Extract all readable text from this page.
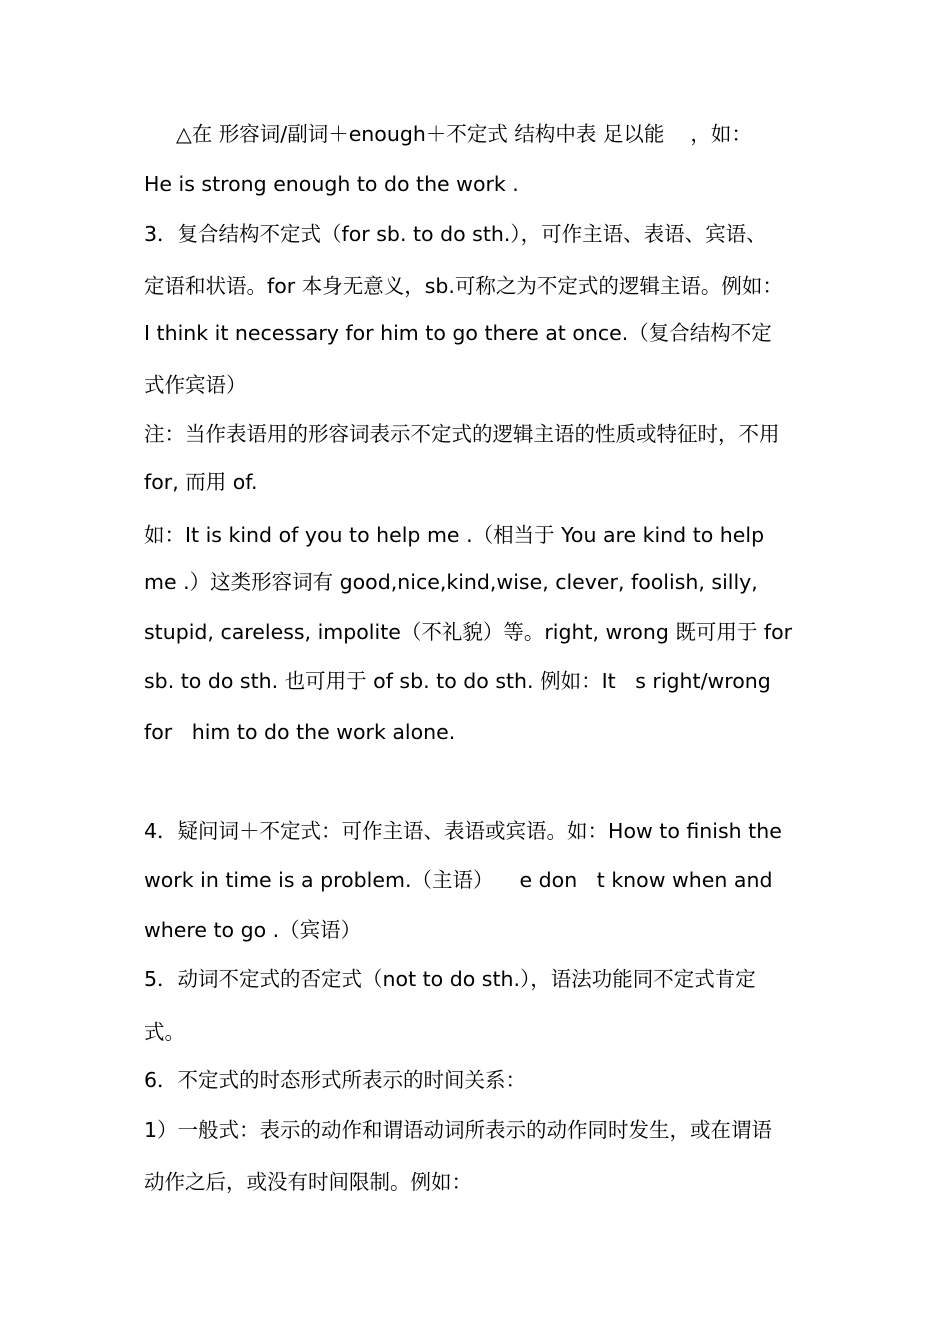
△在 形容词/副词＋enough＋不定式 结构中表 足以能    ，如：
He is strong enough to do the work .
3．复合结构不定式（for sb. to do sth.），可作主语、表语、宾语、
定语和状语。for 本身无意义，sb.可称之为不定式的逻辑主语。例如：
I think it necessary for him to go there at once.（复合结构不定
式作宾语）
注：当作表语用的形容词表示不定式的逻辑主语的性质或特征时，不用
for, 而用 of.
如：It is kind of you to help me .（相当于 You are kind to help
me .）这类形容词有 good,nice,kind,wise, clever, foolish, silly,
stupid, careless, impolite（不礼貌）等。right, wrong 既可用于 for
sb. to do sth. 也可用于 of sb. to do sth. 例如：It   s right/wrong
for   him to do the work alone.
4．疑问词＋不定式：可作主语、表语或宾语。如：How to finish the
work in time is a problem.（主语）    e don   t know when and
where to go .（宾语）
5．动词不定式的否定式（not to do sth.），语法功能同不定式肯定
式。
6．不定式的时态形式所表示的时间关系：
1）一般式：表示的动作和谓语动词所表示的动作同时发生，或在谓语
动作之后，或没有时间限制。例如：
